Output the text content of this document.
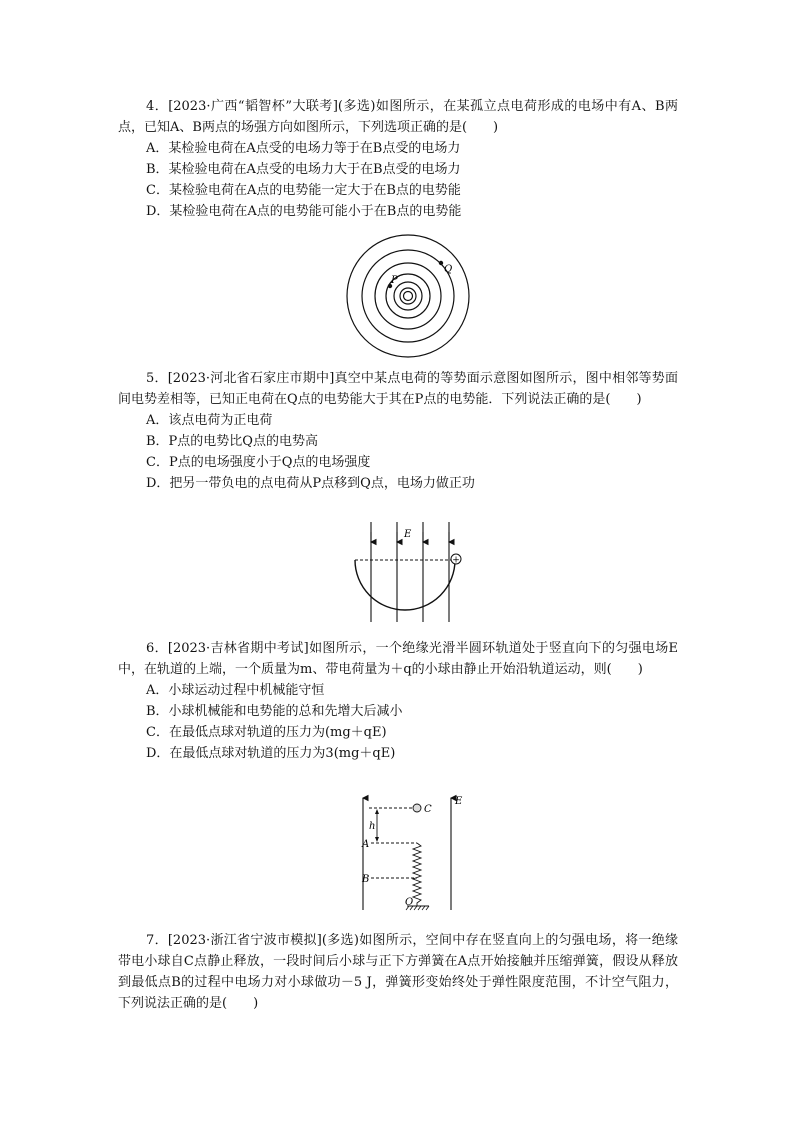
4．[2023·广西“韬智杯”大联考](多选)如图所示，在某孤立点电荷形成的电场中有A、B两点，已知A、B两点的场强方向如图所示，下列选项正确的是(　　)

A．某检验电荷在A点受的电场力等于在B点受的电场力

B．某检验电荷在A点受的电场力大于在B点受的电场力

C．某检验电荷在A点的电势能一定大于在B点的电势能

D．某检验电荷在A点的电势能可能小于在B点的电势能

P
Q

5．[2023·河北省石家庄市期中]真空中某点电荷的等势面示意图如图所示，图中相邻等势面间电势差相等，已知正电荷在Q点的电势能大于其在P点的电势能．下列说法正确的是(　　)

A．该点电荷为正电荷

B．P点的电势比Q点的电势高

C．P点的电场强度小于Q点的电场强度

D．把另一带负电的点电荷从P点移到Q点，电场力做正功

E
+

6．[2023·吉林省期中考试]如图所示，一个绝缘光滑半圆环轨道处于竖直向下的匀强电场E中，在轨道的上端，一个质量为m、带电荷量为＋q的小球由静止开始沿轨道运动，则(　　)

A．小球运动过程中机械能守恒

B．小球机械能和电势能的总和先增大后减小

C．在最低点球对轨道的压力为(mg＋qE)

D．在最低点球对轨道的压力为3(mg＋qE)

E
h
C
A
B
O

7．[2023·浙江省宁波市模拟](多选)如图所示，空间中存在竖直向上的匀强电场，将一绝缘带电小球自C点静止释放，一段时间后小球与正下方弹簧在A点开始接触并压缩弹簧，假设从释放到最低点B的过程中电场力对小球做功－5 J，弹簧形变始终处于弹性限度范围，不计空气阻力，下列说法正确的是(　　)
